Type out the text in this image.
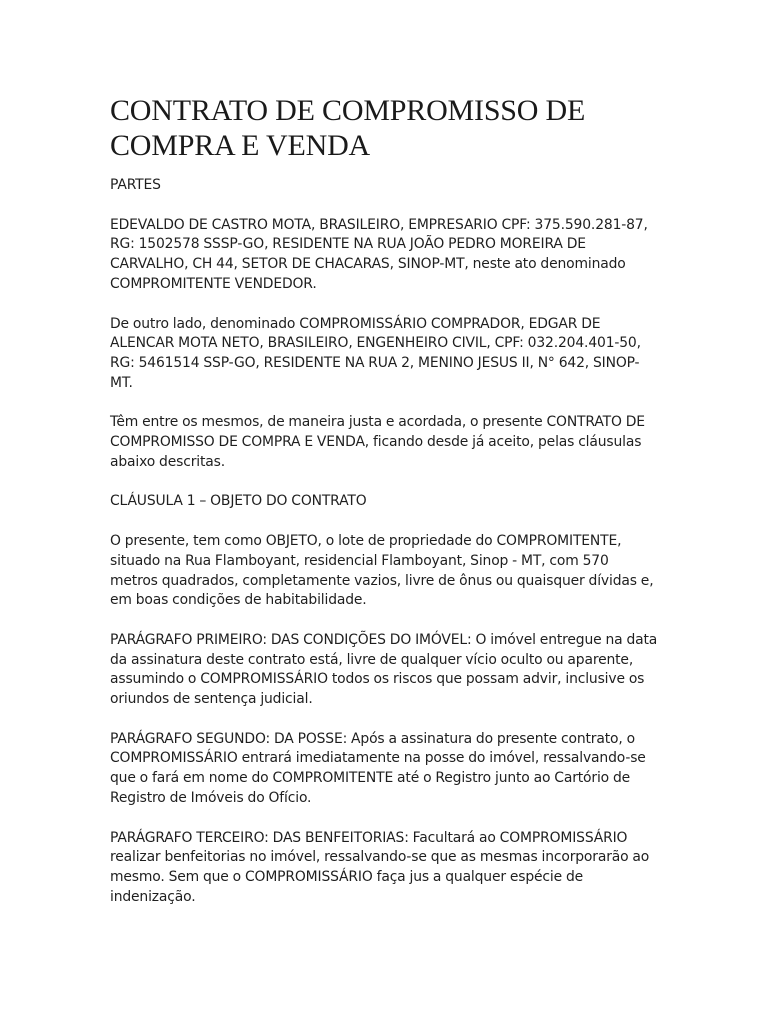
CONTRATO DE COMPROMISSO DE COMPRA E VENDA

PARTES

EDEVALDO DE CASTRO MOTA, BRASILEIRO, EMPRESARIO CPF: 375.590.281-87, RG: 1502578 SSSP-GO, RESIDENTE NA RUA JOÃO PEDRO MOREIRA DE CARVALHO, CH 44, SETOR DE CHACARAS, SINOP-MT, neste ato denominado COMPROMITENTE VENDEDOR.

De outro lado, denominado COMPROMISSÁRIO COMPRADOR, EDGAR DE ALENCAR MOTA NETO, BRASILEIRO, ENGENHEIRO CIVIL, CPF: 032.204.401-50, RG: 5461514 SSP-GO, RESIDENTE NA RUA 2, MENINO JESUS II, N° 642, SINOP-MT.

Têm entre os mesmos, de maneira justa e acordada, o presente CONTRATO DE COMPROMISSO DE COMPRA E VENDA, ficando desde já aceito, pelas cláusulas abaixo descritas.

CLÁUSULA 1 – OBJETO DO CONTRATO

O presente, tem como OBJETO, o lote de propriedade do COMPROMITENTE, situado na Rua Flamboyant, residencial Flamboyant, Sinop - MT, com 570 metros quadrados, completamente vazios, livre de ônus ou quaisquer dívidas e, em boas condições de habitabilidade.

PARÁGRAFO PRIMEIRO: DAS CONDIÇÕES DO IMÓVEL: O imóvel entregue na data da assinatura deste contrato está, livre de qualquer vício oculto ou aparente, assumindo o COMPROMISSÁRIO todos os riscos que possam advir, inclusive os oriundos de sentença judicial.

PARÁGRAFO SEGUNDO: DA POSSE: Após a assinatura do presente contrato, o COMPROMISSÁRIO entrará imediatamente na posse do imóvel, ressalvando-se que o fará em nome do COMPROMITENTE até o Registro junto ao Cartório de Registro de Imóveis do Ofício.

PARÁGRAFO TERCEIRO: DAS BENFEITORIAS: Facultará ao COMPROMISSÁRIO realizar benfeitorias no imóvel, ressalvando-se que as mesmas incorporarão ao mesmo. Sem que o COMPROMISSÁRIO faça jus a qualquer espécie de indenização.
